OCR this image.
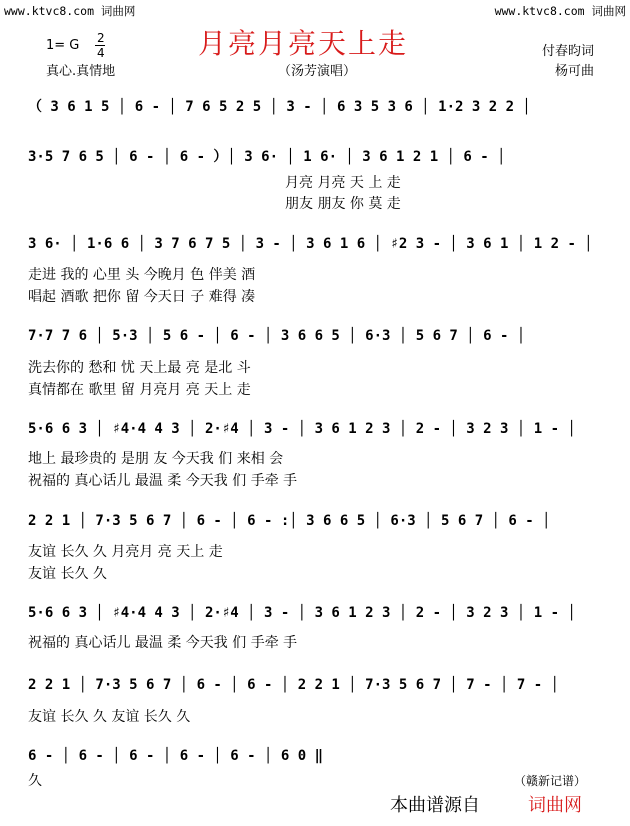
www.ktvc8.com 词曲网	www.ktvc8.com 词曲网
月亮月亮天上走
1= G 2
4	付春昀词
真心.真情地	（汤芳演唱）	杨可曲
（ 3 6 1 5 │ 6 - │ 7 6 5 2 5 │ 3 - │ 6 3 5 3 6 │ 1·2 3 2 2 │
3·5 7 6 5 │ 6 - │ 6 - ）│ 3 6· │ 1 6· │ 3 6 1 2 1 │ 6 - │
月亮 月亮 天 上 走
朋友 朋友 你 莫 走
3 6· │ 1·6 6 │ 3 7 6 7 5 │ 3 - │ 3 6 1 6 │ ♯2 3 - │ 3 6 1 │ 1 2 - │
走进 我的 心里 头 今晚月 色 伴美 酒
唱起 酒歌 把你 留 今天日 子 难得 凑
7·7 7 6 │ 5·3 │ 5 6 - │ 6 - │ 3 6 6 5 │ 6·3 │ 5 6 7 │ 6 - │
洗去你的 愁和 忧 天上最 亮 是北 斗
真情都在 歌里 留 月亮月 亮 天上 走
5·6 6 3 │ ♯4·4 4 3 │ 2·♯4 │ 3 - │ 3 6 1 2 3 │ 2 - │ 3 2 3 │ 1 - │
地上 最珍贵的 是朋 友 今天我 们 来相 会
祝福的 真心话儿 最温 柔 今天我 们 手牵 手
2 2 1 │ 7·3 5 6 7 │ 6 - │ 6 - :│ 3 6 6 5 │ 6·3 │ 5 6 7 │ 6 - │
友谊 长久 久 月亮月 亮 天上 走
友谊 长久 久
5·6 6 3 │ ♯4·4 4 3 │ 2·♯4 │ 3 - │ 3 6 1 2 3 │ 2 - │ 3 2 3 │ 1 - │
祝福的 真心话儿 最温 柔 今天我 们 手牵 手
2 2 1 │ 7·3 5 6 7 │ 6 - │ 6 - │ 2 2 1 │ 7·3 5 6 7 │ 7 - │ 7 - │
友谊 长久 久 友谊 长久 久
6 - │ 6 - │ 6 - │ 6 - │ 6 - │ 6 0 ‖
久	（赣新记谱）
本曲谱源自	词曲网
